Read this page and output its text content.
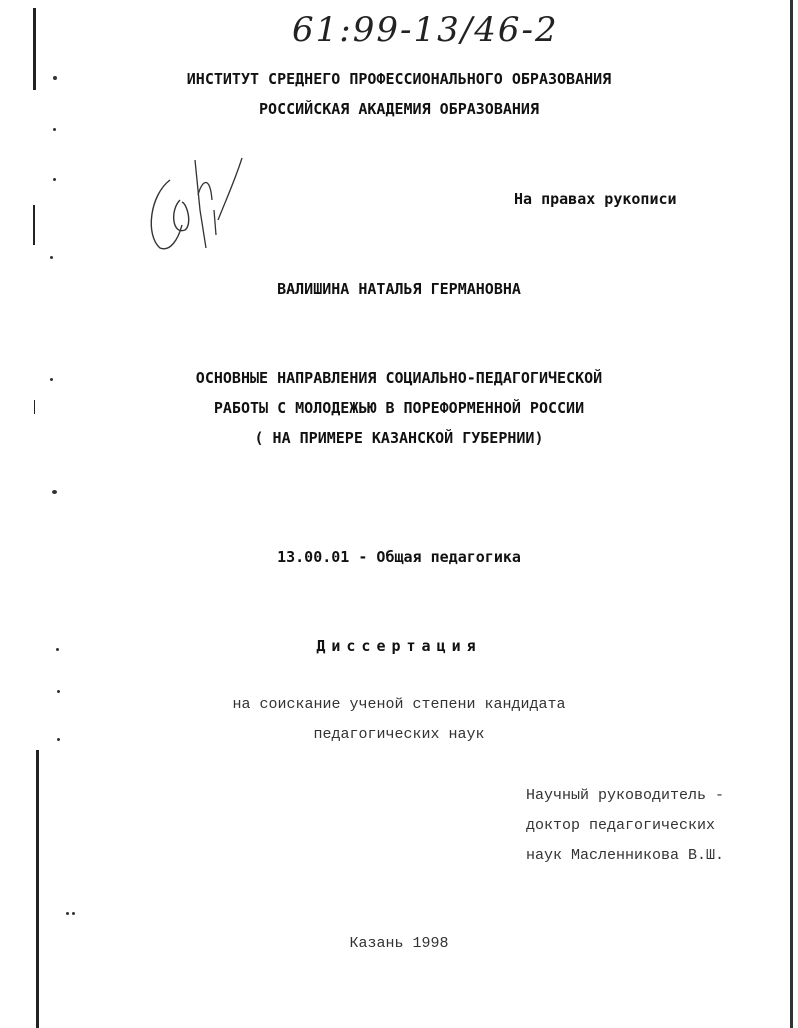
61:99-13/46-2
ИНСТИТУТ СРЕДНЕГО ПРОФЕССИОНАЛЬНОГО ОБРАЗОВАНИЯ
РОССИЙСКАЯ АКАДЕМИЯ ОБРАЗОВАНИЯ
На правах рукописи
ВАЛИШИНА НАТАЛЬЯ ГЕРМАНОВНА
ОСНОВНЫЕ НАПРАВЛЕНИЯ СОЦИАЛЬНО-ПЕДАГОГИЧЕСКОЙ
РАБОТЫ С МОЛОДЕЖЬЮ В ПОРЕФОРМЕННОЙ РОССИИ
( НА ПРИМЕРЕ КАЗАНСКОЙ ГУБЕРНИИ)
13.00.01 - Общая педагогика
Диссертация
на соискание ученой степени кандидата
педагогических наук
Научный руководитель -
доктор педагогических
наук Масленникова В.Ш.
Казань 1998
